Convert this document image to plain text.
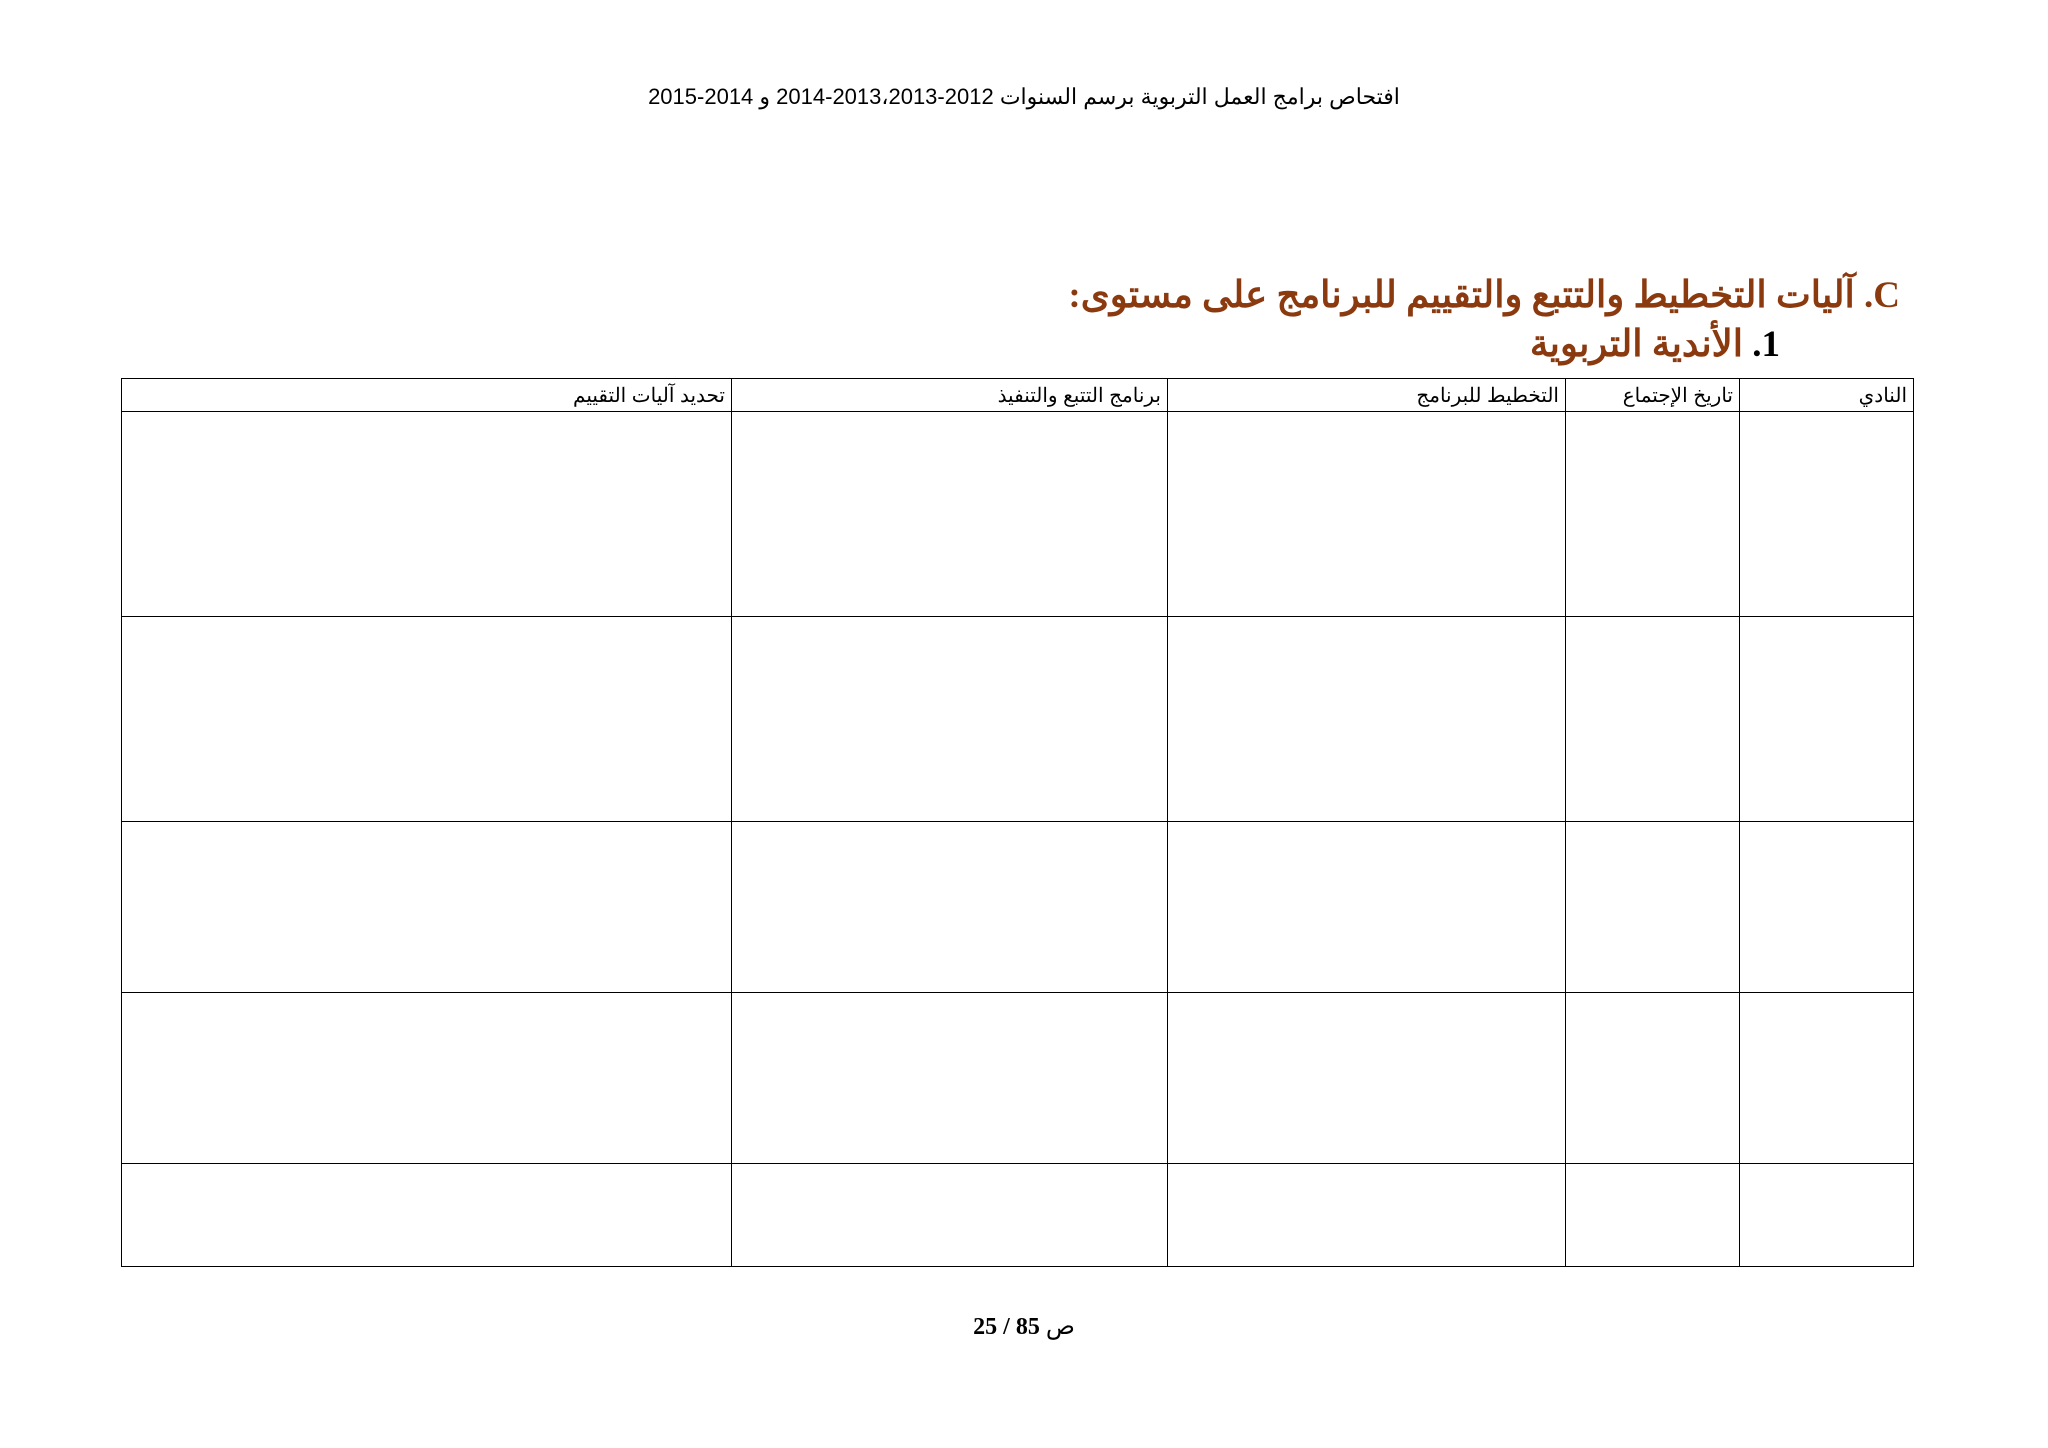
افتحاص برامج العمل التربوية برسم السنوات 2012-2013،2013-2014 و 2014-2015
C. آليات التخطيط والتتبع والتقييم للبرنامج على مستوى:
1. الأندية التربوية
النادي	تاريخ الإجتماع	التخطيط للبرنامج	برنامج التتبع والتنفيذ	تحديد آليات التقييم

ص 85 / 25
